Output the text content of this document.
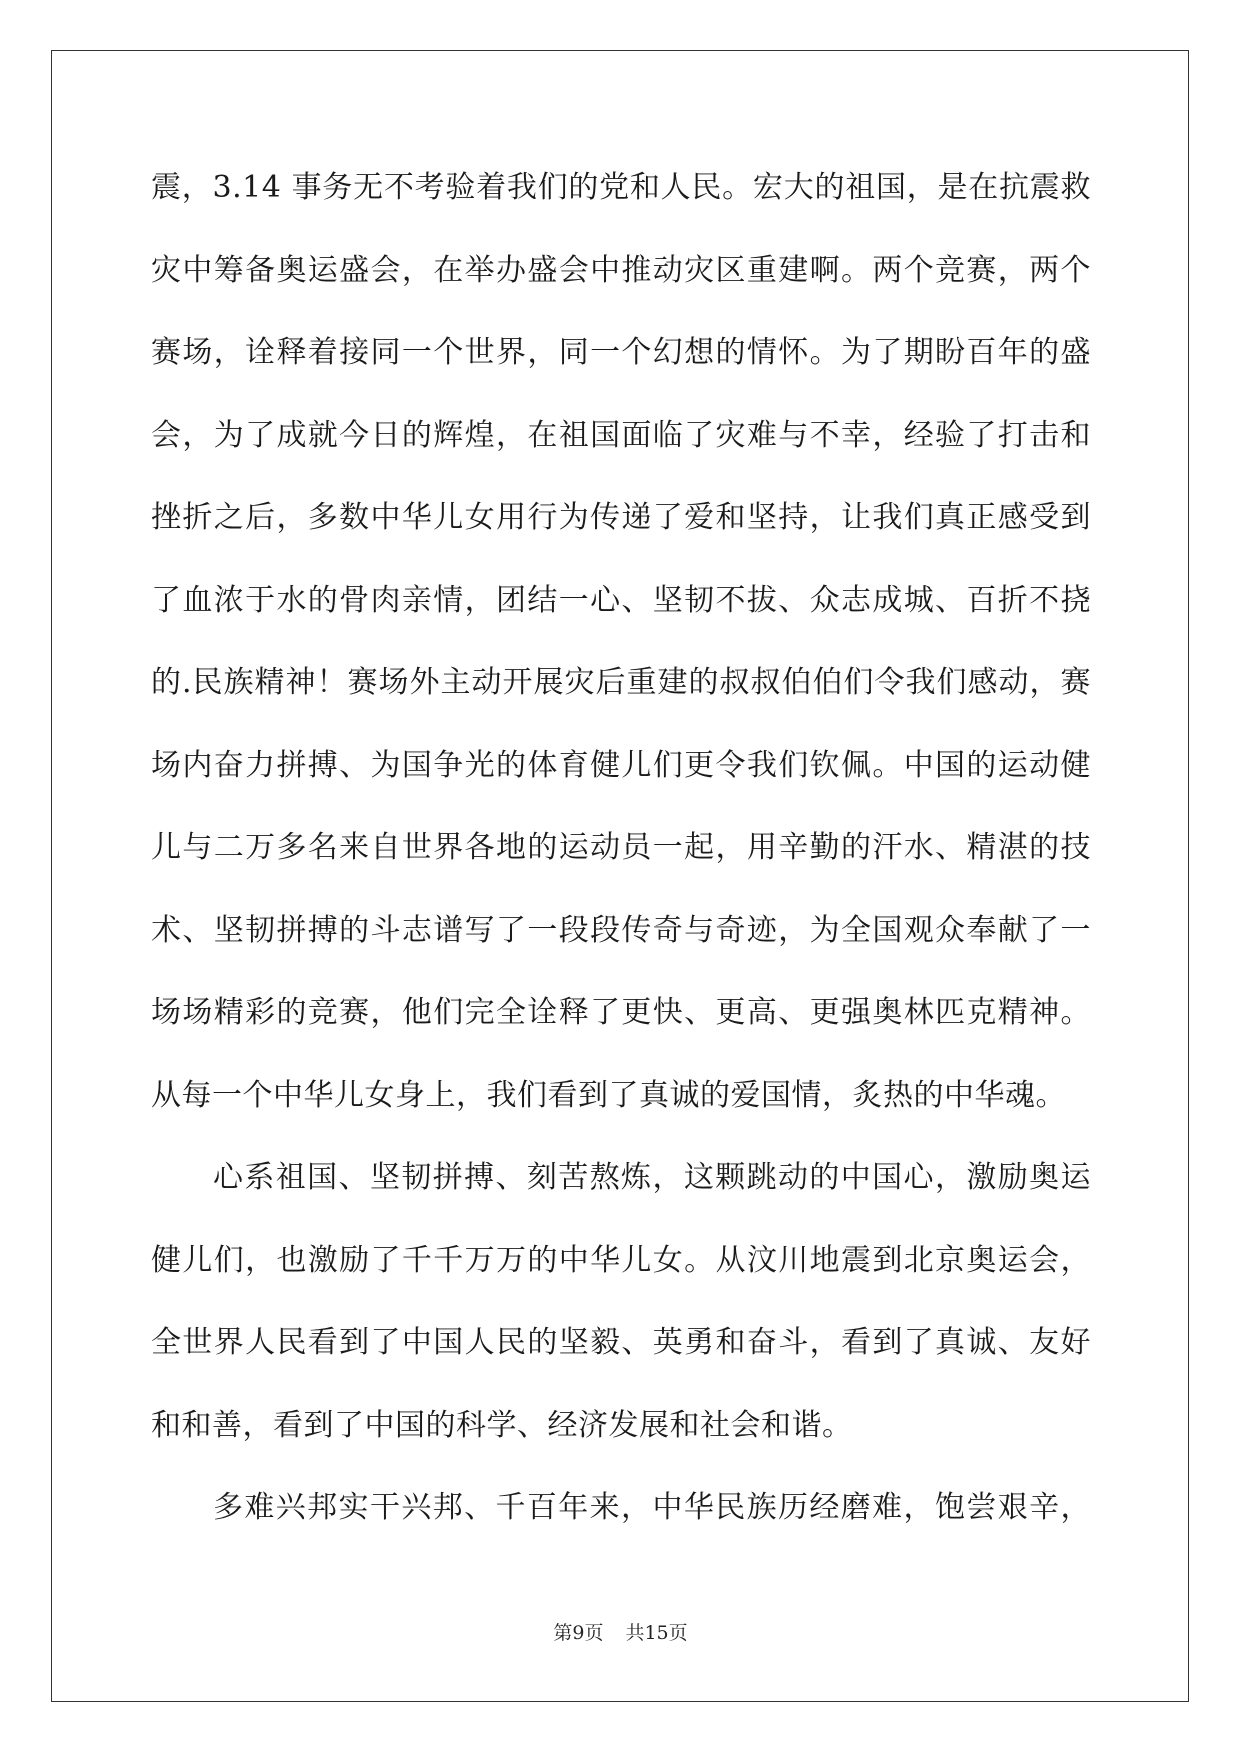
震，3.14 事务无不考验着我们的党和人民。宏大的祖国，是在抗震救
灾中筹备奥运盛会，在举办盛会中推动灾区重建啊。两个竞赛，两个
赛场，诠释着接同一个世界，同一个幻想的情怀。为了期盼百年的盛
会，为了成就今日的辉煌，在祖国面临了灾难与不幸，经验了打击和
挫折之后，多数中华儿女用行为传递了爱和坚持，让我们真正感受到
了血浓于水的骨肉亲情，团结一心、坚韧不拔、众志成城、百折不挠
的.民族精神！赛场外主动开展灾后重建的叔叔伯伯们令我们感动，赛
场内奋力拼搏、为国争光的体育健儿们更令我们钦佩。中国的运动健
儿与二万多名来自世界各地的运动员一起，用辛勤的汗水、精湛的技
术、坚韧拼搏的斗志谱写了一段段传奇与奇迹，为全国观众奉献了一
场场精彩的竞赛，他们完全诠释了更快、更高、更强奥林匹克精神。
从每一个中华儿女身上，我们看到了真诚的爱国情，炙热的中华魂。
心系祖国、坚韧拼搏、刻苦熬炼，这颗跳动的中国心，激励奥运
健儿们，也激励了千千万万的中华儿女。从汶川地震到北京奥运会，
全世界人民看到了中国人民的坚毅、英勇和奋斗，看到了真诚、友好
和和善，看到了中国的科学、经济发展和社会和谐。
多难兴邦实干兴邦、千百年来，中华民族历经磨难，饱尝艰辛，
第9页 共15页
